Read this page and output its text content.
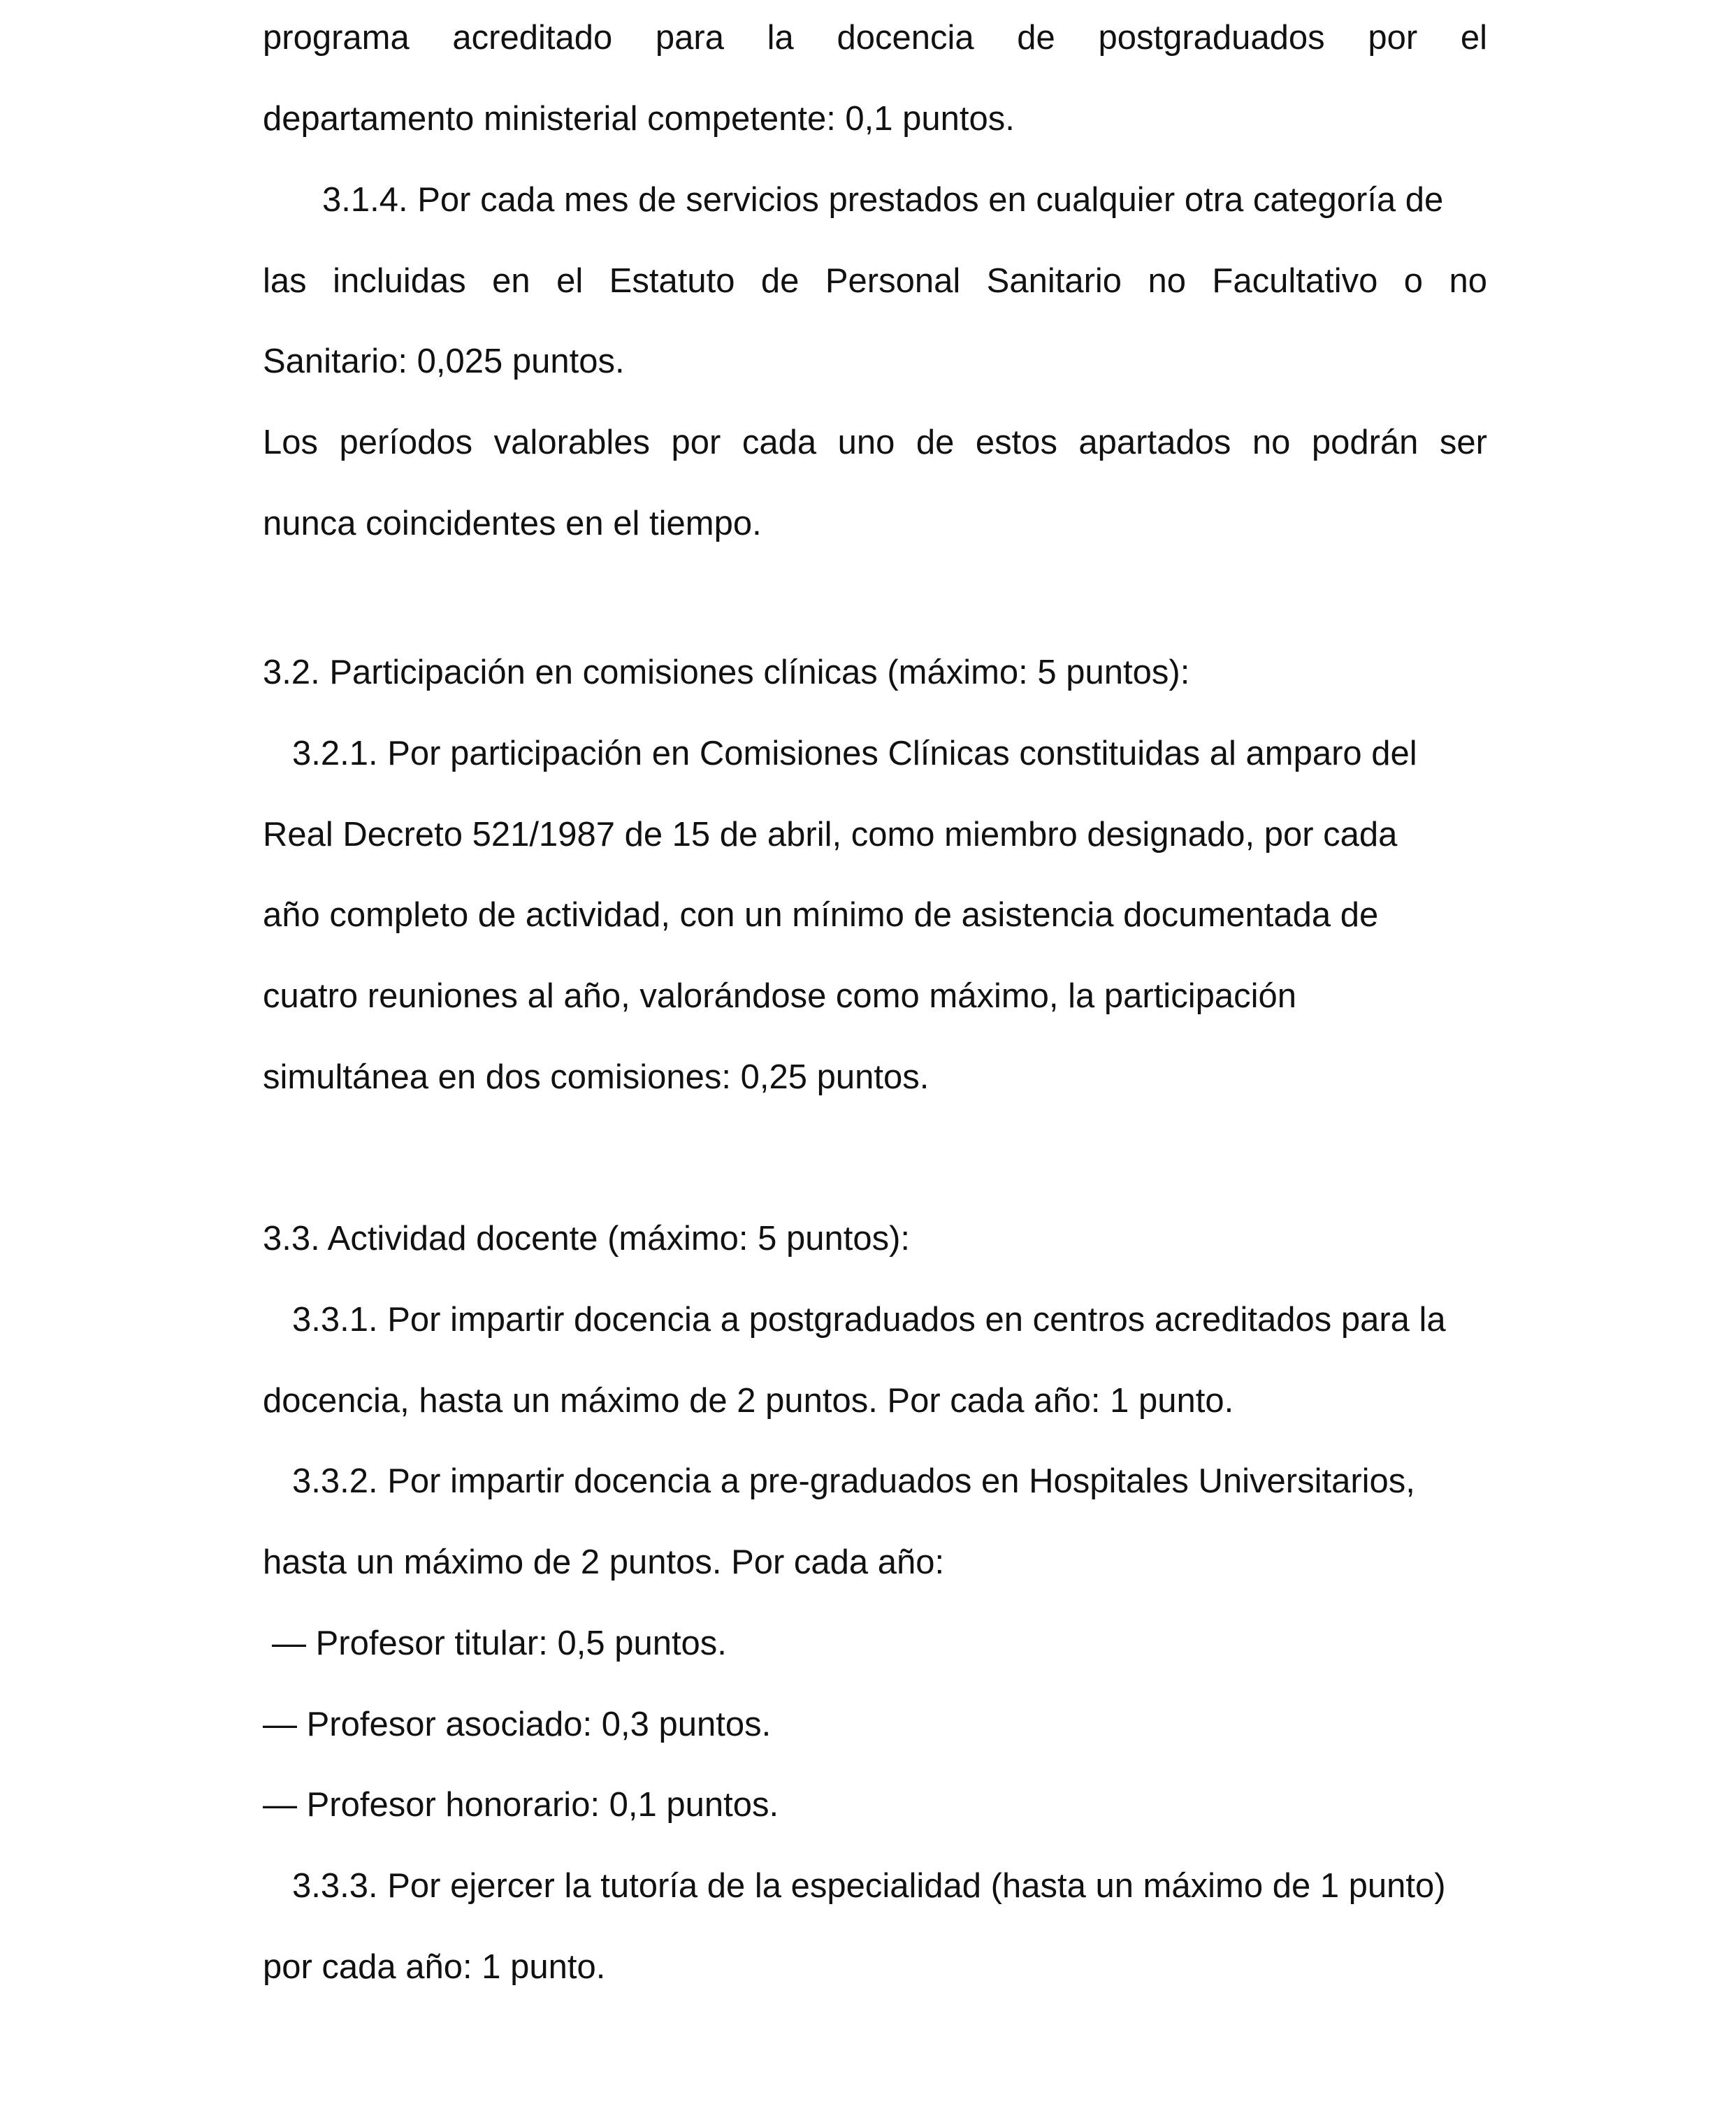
programa acreditado para la docencia de postgraduados por el
departamento ministerial competente: 0,1 puntos.
3.1.4. Por cada mes de servicios prestados en cualquier otra categoría de
las incluidas en el Estatuto de Personal Sanitario no Facultativo o no
Sanitario: 0,025 puntos.
Los períodos valorables por cada uno de estos apartados no podrán ser
nunca coincidentes en el tiempo.
3.2. Participación en comisiones clínicas (máximo: 5 puntos):
3.2.1. Por participación en Comisiones Clínicas constituidas al amparo del
Real Decreto 521/1987 de 15 de abril, como miembro designado, por cada
año completo de actividad, con un mínimo de asistencia documentada de
cuatro reuniones al año, valorándose como máximo, la participación
simultánea en dos comisiones: 0,25 puntos.
3.3. Actividad docente (máximo: 5 puntos):
3.3.1. Por impartir docencia a postgraduados en centros acreditados para la
docencia, hasta un máximo de 2 puntos. Por cada año: 1 punto.
3.3.2. Por impartir docencia a pre-graduados en Hospitales Universitarios,
hasta un máximo de 2 puntos. Por cada año:
— Profesor titular: 0,5 puntos.
— Profesor asociado: 0,3 puntos.
— Profesor honorario: 0,1 puntos.
3.3.3. Por ejercer la tutoría de la especialidad (hasta un máximo de 1 punto)
por cada año: 1 punto.
